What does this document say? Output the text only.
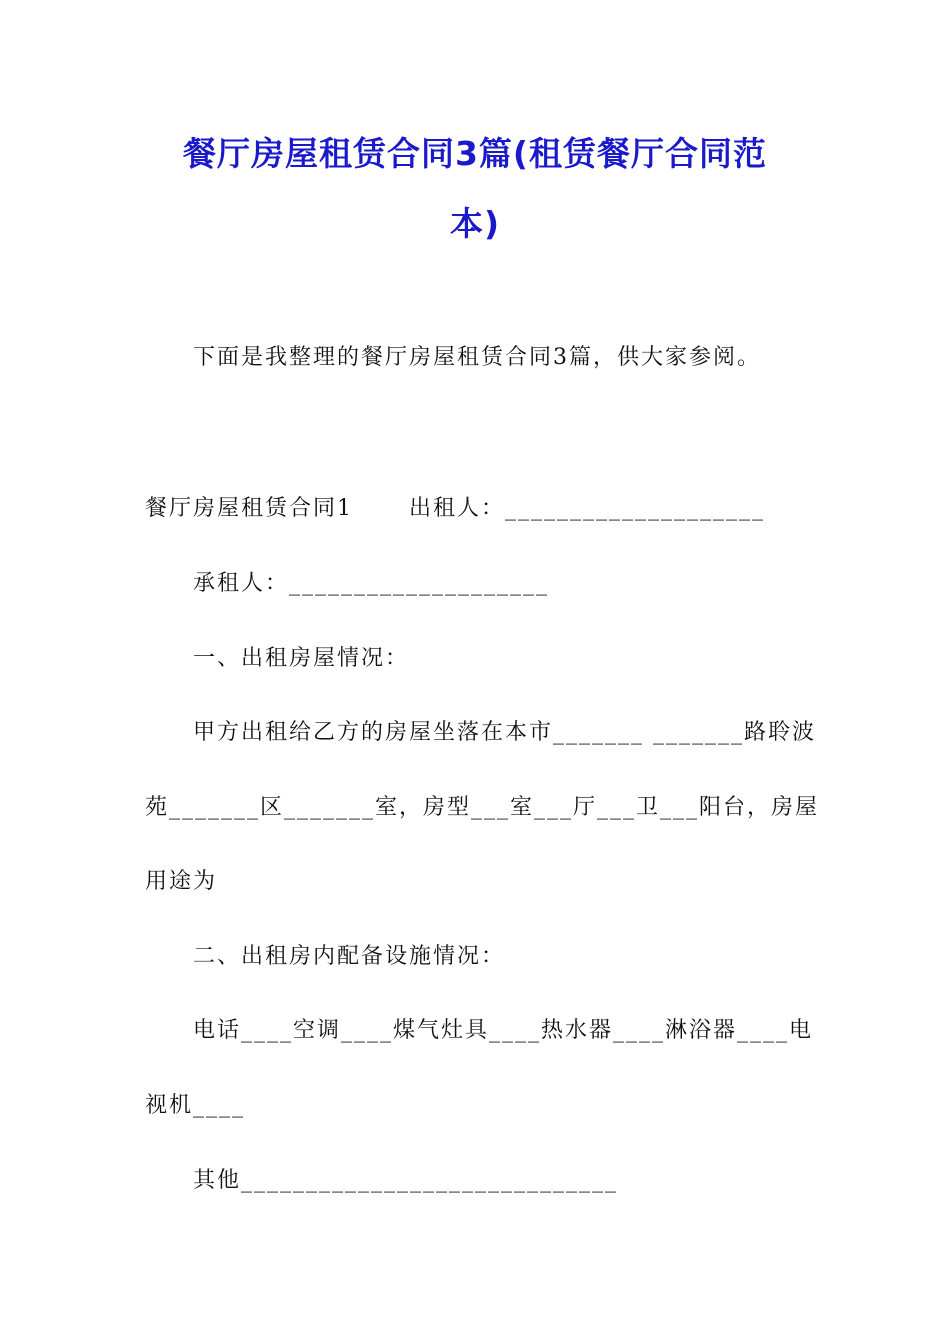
餐厅房屋租赁合同3篇(租赁餐厅合同范
本)
下面是我整理的餐厅房屋租赁合同3篇，供大家参阅。
餐厅房屋租赁合同1	出租人：____________________
承租人：____________________
一、出租房屋情况：
甲方出租给乙方的房屋坐落在本市_______ _______路聆波
苑_______区_______室，房型___室___厅___卫___阳台，房屋
用途为
二、出租房内配备设施情况：
电话____空调____煤气灶具____热水器____淋浴器____电
视机____
其他_____________________________
